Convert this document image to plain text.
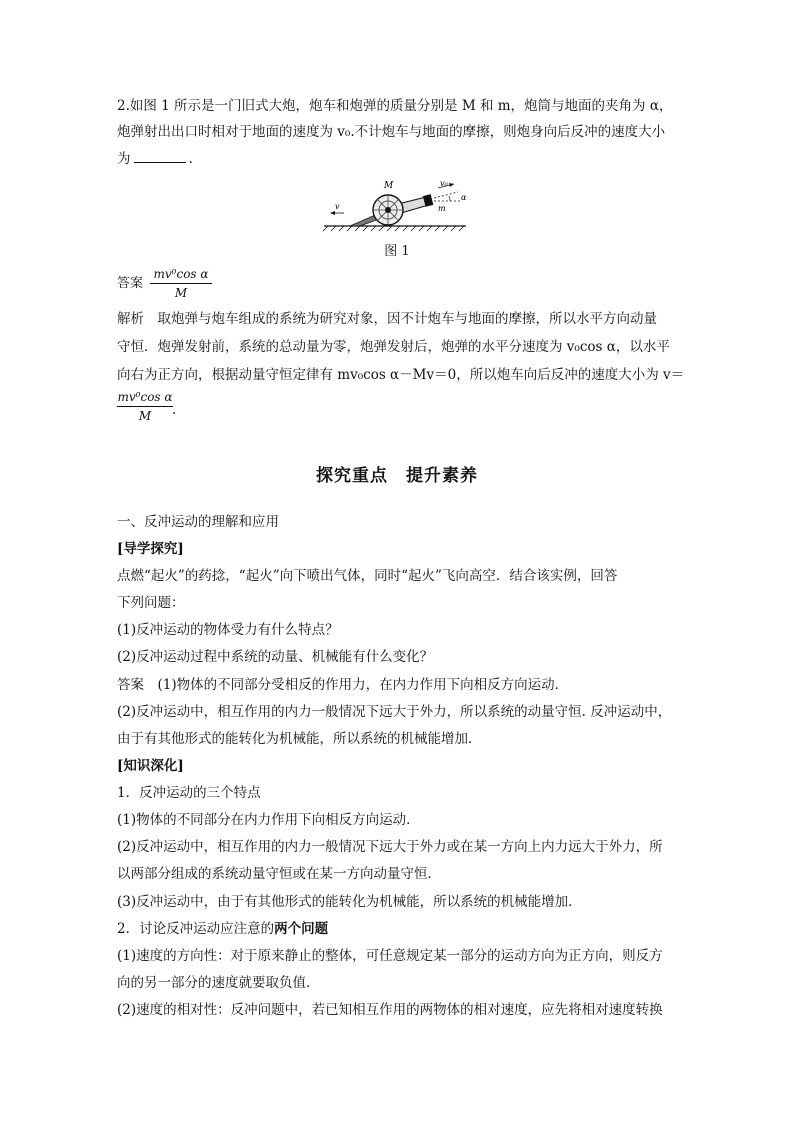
2.如图 1 所示是一门旧式大炮，炮车和炮弹的质量分别是 M 和 m，炮筒与地面的夹角为 α，
炮弹射出出口时相对于地面的速度为 v₀.不计炮车与地面的摩擦，则炮身向后反冲的速度大小
为	.
M	v₀
v	m
α
图 1
答案
mv⁰cos α
M
解析　取炮弹与炮车组成的系统为研究对象，因不计炮车与地面的摩擦，所以水平方向动量
守恒．炮弹发射前，系统的总动量为零，炮弹发射后，炮弹的水平分速度为 v₀cos α，以水平
向右为正方向，根据动量守恒定律有 mv₀cos α－Mv＝0，所以炮车向后反冲的速度大小为 v＝
mv⁰cos α
M	.
探究重点　提升素养
一、反冲运动的理解和应用
[导学探究]
点燃“起火”的药捻，“起火”向下喷出气体，同时“起火”飞向高空．结合该实例，回答
下列问题：
(1)反冲运动的物体受力有什么特点？
(2)反冲运动过程中系统的动量、机械能有什么变化？
答案　(1)物体的不同部分受相反的作用力，在内力作用下向相反方向运动．
(2)反冲运动中，相互作用的内力一般情况下远大于外力，所以系统的动量守恒. 反冲运动中，
由于有其他形式的能转化为机械能，所以系统的机械能增加．
[知识深化]
1．反冲运动的三个特点
(1)物体的不同部分在内力作用下向相反方向运动．
(2)反冲运动中，相互作用的内力一般情况下远大于外力或在某一方向上内力远大于外力，所
以两部分组成的系统动量守恒或在某一方向动量守恒．
(3)反冲运动中，由于有其他形式的能转化为机械能，所以系统的机械能增加．
2．讨论反冲运动应注意的两个问题
(1)速度的方向性：对于原来静止的整体，可任意规定某一部分的运动方向为正方向，则反方
向的另一部分的速度就要取负值．
(2)速度的相对性：反冲问题中，若已知相互作用的两物体的相对速度，应先将相对速度转换
